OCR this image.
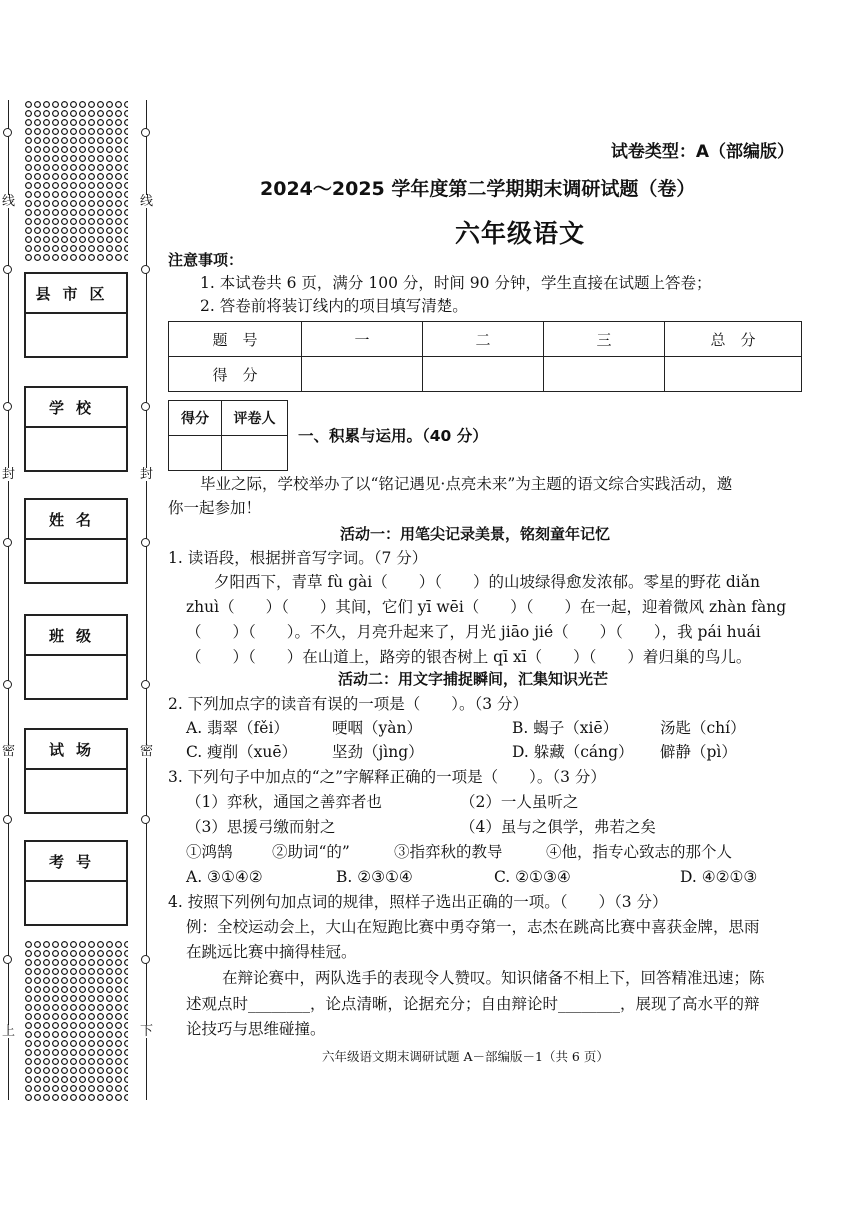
线
封
密
上
线
封
密
下
县市区
学校
姓名
班级
试场
考号
试卷类型：A（部编版）
2024～2025 学年度第二学期期末调研试题（卷）
六年级语文
注意事项：
1. 本试卷共 6 页，满分 100 分，时间 90 分钟，学生直接在试题上答卷；
2. 答卷前将装订线内的项目填写清楚。
题　号	一	二	三	总　分
得　分				
得分	评卷人

一、积累与运用。（40 分）
毕业之际，学校举办了以“铭记遇见·点亮未来”为主题的语文综合实践活动，邀
你一起参加！
活动一：用笔尖记录美景，铭刻童年记忆
1. 读语段，根据拼音写字词。（7 分）
夕阳西下，青草 fù gài（　　）（　　）的山坡绿得愈发浓郁。零星的野花 diǎn
zhuì（　　）（　　）其间，它们 yī wēi（　　）（　　）在一起，迎着微风 zhàn fàng
（　　）（　　）。不久，月亮升起来了，月光 jiāo jié（　　）（　　），我 pái huái
（　　）（　　）在山道上，路旁的银杏树上 qī xī（　　）（　　）着归巢的鸟儿。
活动二：用文字捕捉瞬间，汇集知识光芒
2. 下列加点字的读音有误的一项是（　　）。（3 分）
A. 翡翠（fěi）	哽咽（yàn）	B. 蝎子（xiē）	汤匙（chí）
C. 瘦削（xuē） 坚劲（jìng）	D. 躲藏（cáng） 僻静（pì）
3. 下列句子中加点的“之”字解释正确的一项是（　　）。（3 分）
（1）弈秋，通国之善弈者也	（2）一人虽听之
（3）思援弓缴而射之	（4）虽与之俱学，弗若之矣
①鸿鹄	②助词“的”	③指弈秋的教导	④他，指专心致志的那个人
A. ③①④②	B. ②③①④	C. ②①③④	D. ④②①③
4. 按照下列例句加点词的规律，照样子选出正确的一项。（　　）（3 分）
例：全校运动会上，大山在短跑比赛中勇夺第一，志杰在跳高比赛中喜获金牌，思雨
在跳远比赛中摘得桂冠。
在辩论赛中，两队选手的表现令人赞叹。知识储备不相上下，回答精准迅速；陈
述观点时________，论点清晰，论据充分；自由辩论时________，展现了高水平的辩
论技巧与思维碰撞。
六年级语文期末调研试题 A－部编版－1（共 6 页）
